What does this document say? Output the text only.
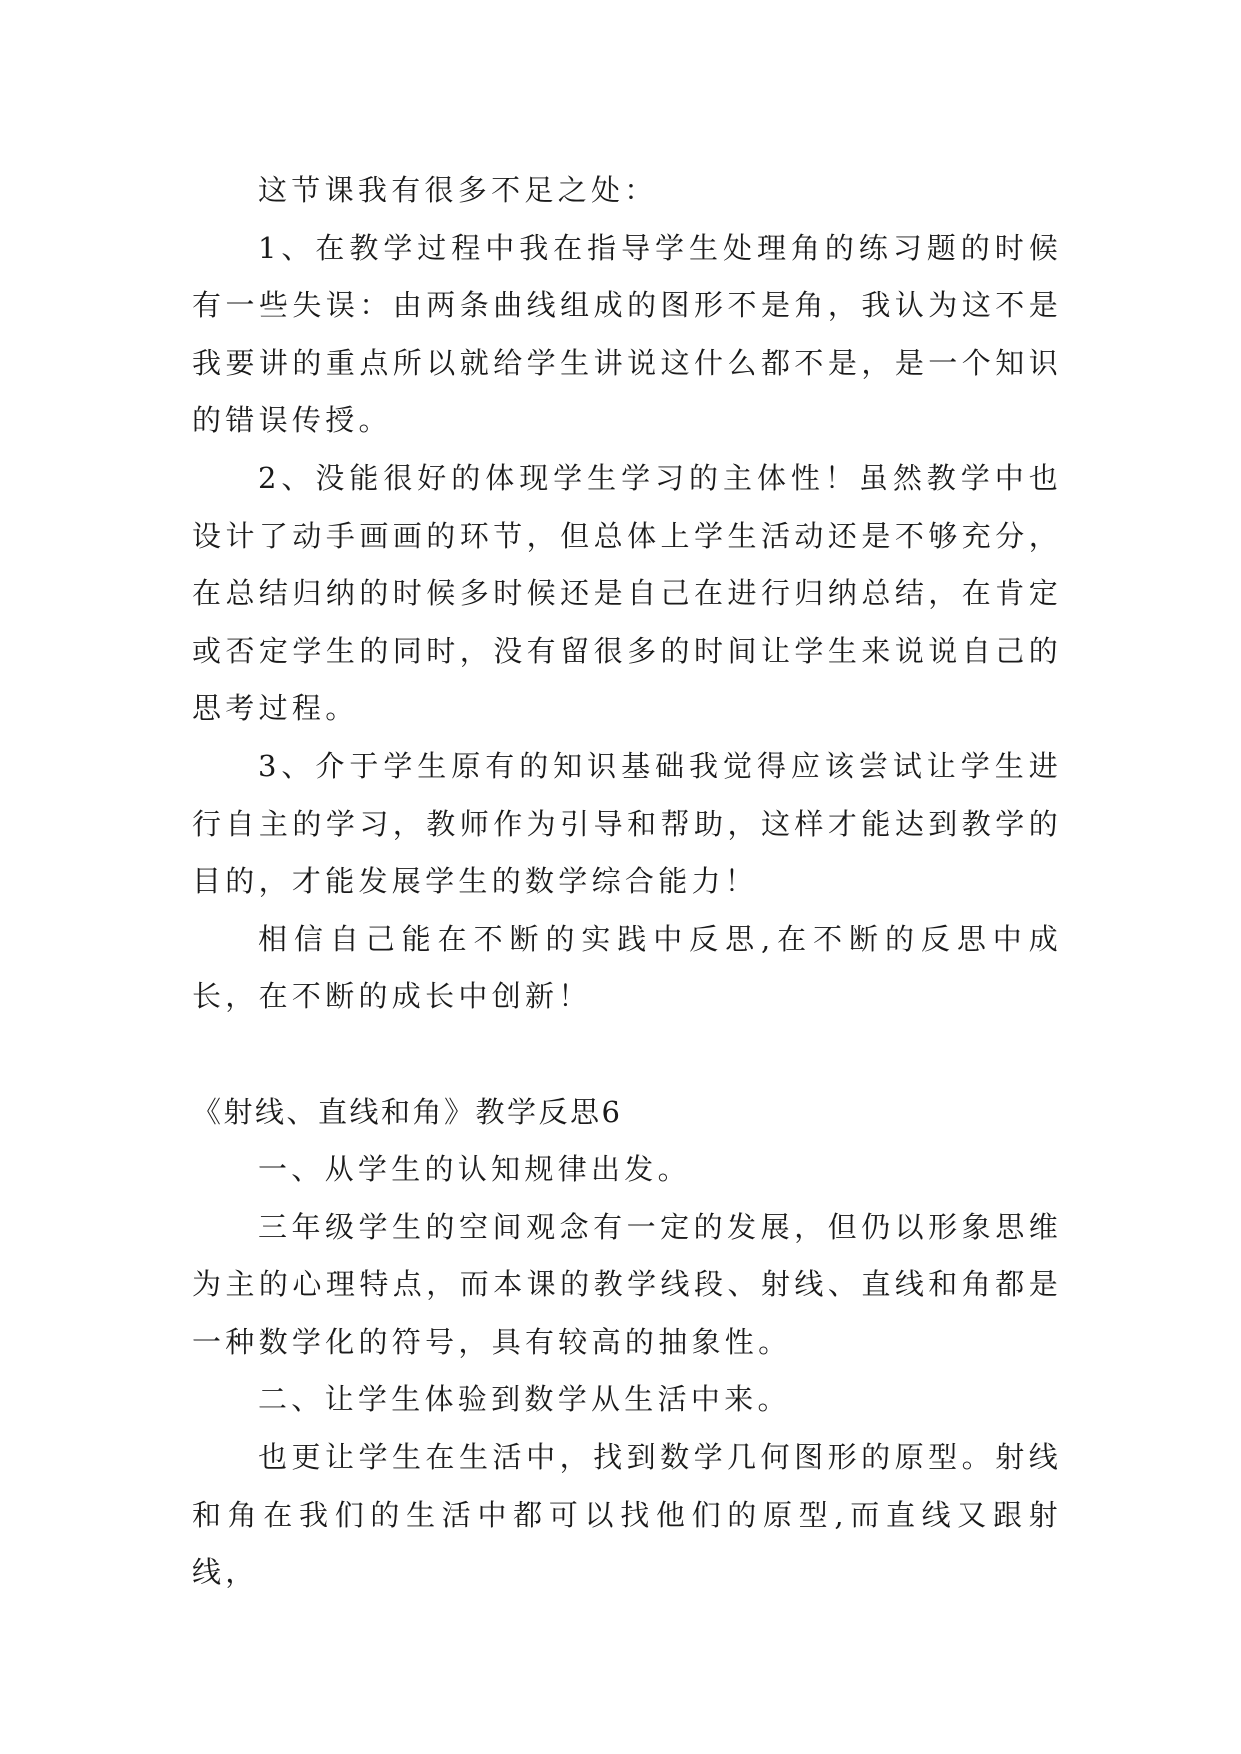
这节课我有很多不足之处：

1、在教学过程中我在指导学生处理角的练习题的时候有一些失误：由两条曲线组成的图形不是角，我认为这不是我要讲的重点所以就给学生讲说这什么都不是，是一个知识的错误传授。

2、没能很好的体现学生学习的主体性！虽然教学中也设计了动手画画的环节，但总体上学生活动还是不够充分，在总结归纳的时候多时候还是自己在进行归纳总结，在肯定或否定学生的同时，没有留很多的时间让学生来说说自己的思考过程。

3、介于学生原有的知识基础我觉得应该尝试让学生进行自主的学习，教师作为引导和帮助，这样才能达到教学的目的，才能发展学生的数学综合能力！

相信自己能在不断的实践中反思,在不断的反思中成长，在不断的成长中创新！

《射线、直线和角》教学反思6

一、从学生的认知规律出发。

三年级学生的空间观念有一定的发展，但仍以形象思维为主的心理特点，而本课的教学线段、射线、直线和角都是一种数学化的符号，具有较高的抽象性。

二、让学生体验到数学从生活中来。

也更让学生在生活中，找到数学几何图形的原型。射线和角在我们的生活中都可以找他们的原型,而直线又跟射线，
